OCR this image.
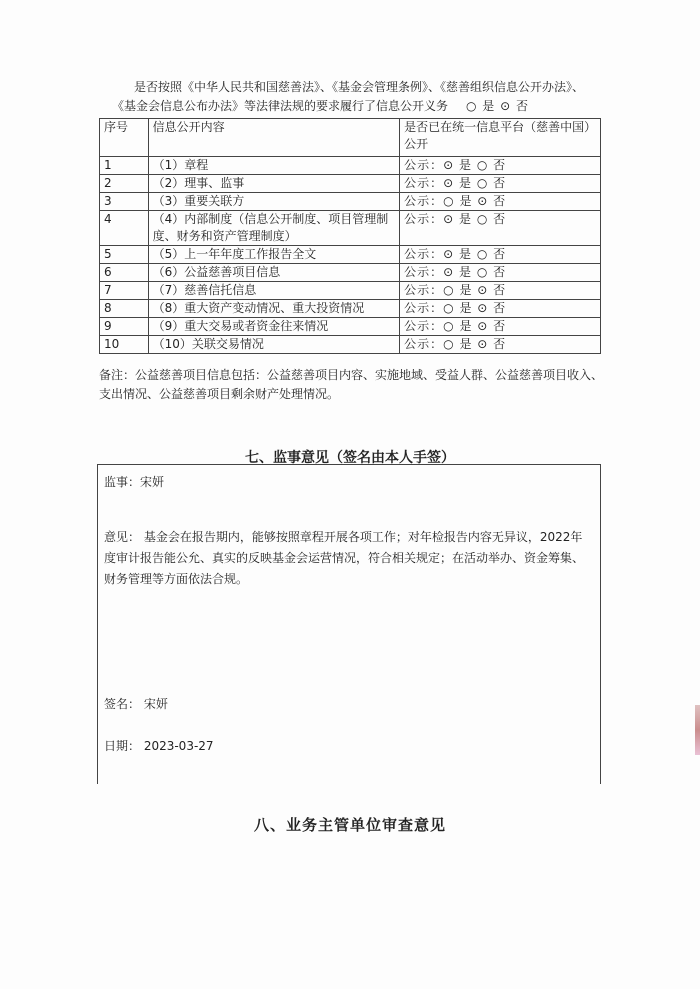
是否按照《中华人民共和国慈善法》、《基金会管理条例》、《慈善组织信息公开办法》、
《基金会信息公布办法》等法律法规的要求履行了信息公开义务 ○ 是 ⊙ 否
序号	信息公开内容	是否已在统一信息平台（慈善中国）公开
1	（1）章程	公示：⊙ 是 ○ 否
2	（2）理事、监事	公示：⊙ 是 ○ 否
3	（3）重要关联方	公示：○ 是 ⊙ 否
4	（4）内部制度（信息公开制度、项目管理制度、财务和资产管理制度）	公示：⊙ 是 ○ 否
5	（5）上一年年度工作报告全文	公示：⊙ 是 ○ 否
6	（6）公益慈善项目信息	公示：⊙ 是 ○ 否
7	（7）慈善信托信息	公示：○ 是 ⊙ 否
8	（8）重大资产变动情况、重大投资情况	公示：○ 是 ⊙ 否
9	（9）重大交易或者资金往来情况	公示：○ 是 ⊙ 否
10	（10）关联交易情况	公示：○ 是 ⊙ 否
备注：公益慈善项目信息包括：公益慈善项目内容、实施地域、受益人群、公益慈善项目收入、支出情况、公益慈善项目剩余财产处理情况。
七、监事意见（签名由本人手签）
监事：宋妍
意见： 基金会在报告期内，能够按照章程开展各项工作；对年检报告内容无异议，2022年度审计报告能公允、真实的反映基金会运营情况，符合相关规定；在活动举办、资金筹集、财务管理等方面依法合规。
签名： 宋妍
日期： 2023-03-27
八、业务主管单位审查意见
